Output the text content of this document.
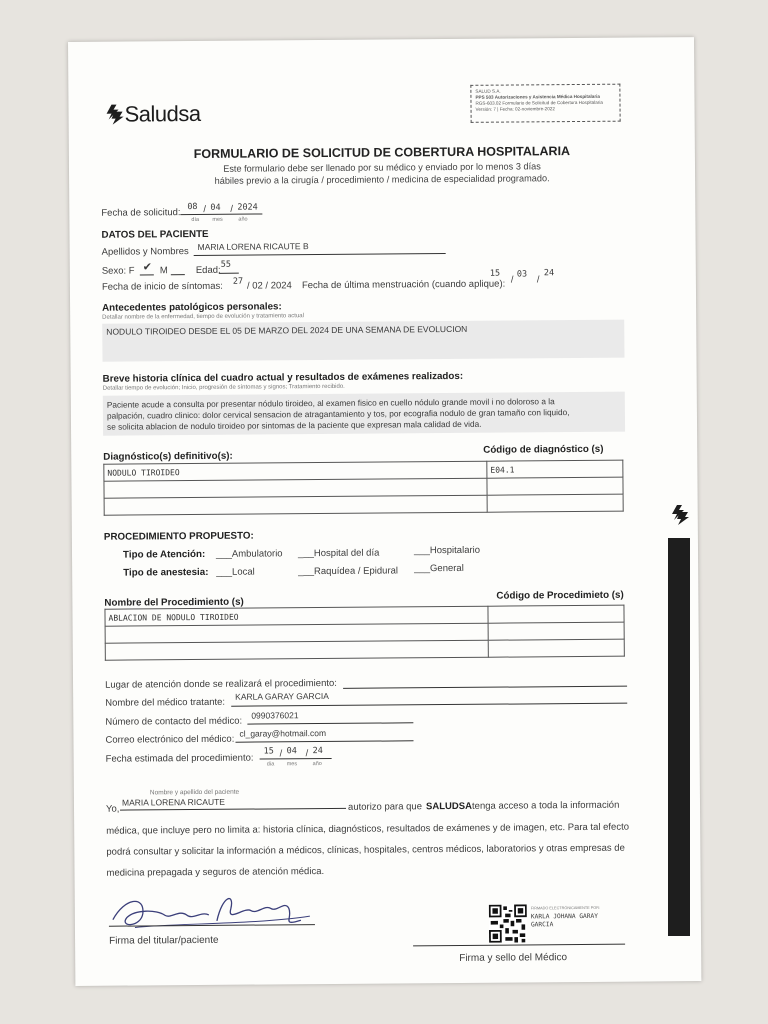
Saludsa
SALUD S.A.
PPS 503 Autorizaciones y Asistencia Médica Hospitalaria
RGS-603.02 Formulario de Solicitud de Cobertura Hospitalaria
Versión: 7 | Fecha: 02-noviembre-2022
FORMULARIO DE SOLICITUD DE COBERTURA HOSPITALARIA
Este formulario debe ser llenado por su médico y enviado por lo menos 3 días
hábiles previo a la cirugía / procedimiento / medicina de especialidad programado.
Fecha de solicitud:
08 / 04 / 2024
día mes	año
DATOS DEL PACIENTE
Apellidos y Nombres MARIA LORENA RICAUTE B
Sexo: F ✔ M	Edad:
55
Fecha de inicio de síntomas: 27 / 02 / 2024 Fecha de última menstruación (cuando aplique):
15
/
03 /
24
Antecedentes patológicos personales:
Detallar nombre de la enfermedad, tiempo de evolución y tratamiento actual
NODULO TIROIDEO DESDE EL 05 DE MARZO DEL 2024 DE UNA SEMANA DE EVOLUCION
Breve historia clínica del cuadro actual y resultados de exámenes realizados:
Detallar tiempo de evolución; Inicio, progresión de síntomas y signos; Tratamiento recibido.
Paciente acude a consulta por presentar nódulo tiroideo, al examen fisico en cuello nódulo grande movil i no doloroso a la
palpación, cuadro clinico: dolor cervical sensacion de atragantamiento y tos, por ecografia nodulo de gran tamaño con liquido,
se solicita ablacion de nodulo tiroideo por sintomas de la paciente que expresan mala calidad de vida.
Diagnóstico(s) definitivo(s):
Código de diagnóstico (s)
NODULO TIROIDEO	E04.1

PROCEDIMIENTO PROPUESTO:
Tipo de Atención: ___Ambulatorio ___Hospital del día	___Hospitalario
Tipo de anestesia: ___Local	___Raquídea / Epidural ___General
Nombre del Procedimiento (s)
Código de Procedimieto (s)
ABLACION DE NODULO TIROIDEO	

Lugar de atención donde se realizará el procedimiento:
Nombre del médico tratante:
KARLA GARAY GARCIA
Número de contacto del médico:
0990376021
Correo electrónico del médico:
cl_garay@hotmail.com
Fecha estimada del procedimiento:
15 / 04 / 24
día mes	año
Nombre y apellido del paciente
Yo,
MARIA LORENA RICAUTE	autorizo para que SALUDSA tenga acceso a toda la información
médica, que incluye pero no limita a: historia clínica, diagnósticos, resultados de exámenes y de imagen, etc. Para tal efecto
podrá consultar y solicitar la información a médicos, clínicas, hospitales, centros médicos, laboratorios y otras empresas de
medicina prepagada y seguros de atención médica.
Firma del titular/paciente
FIRMADO ELECTRÓNICAMENTE POR:
KARLA JOHANA GARAY
GARCIA
Firma y sello del Médico
